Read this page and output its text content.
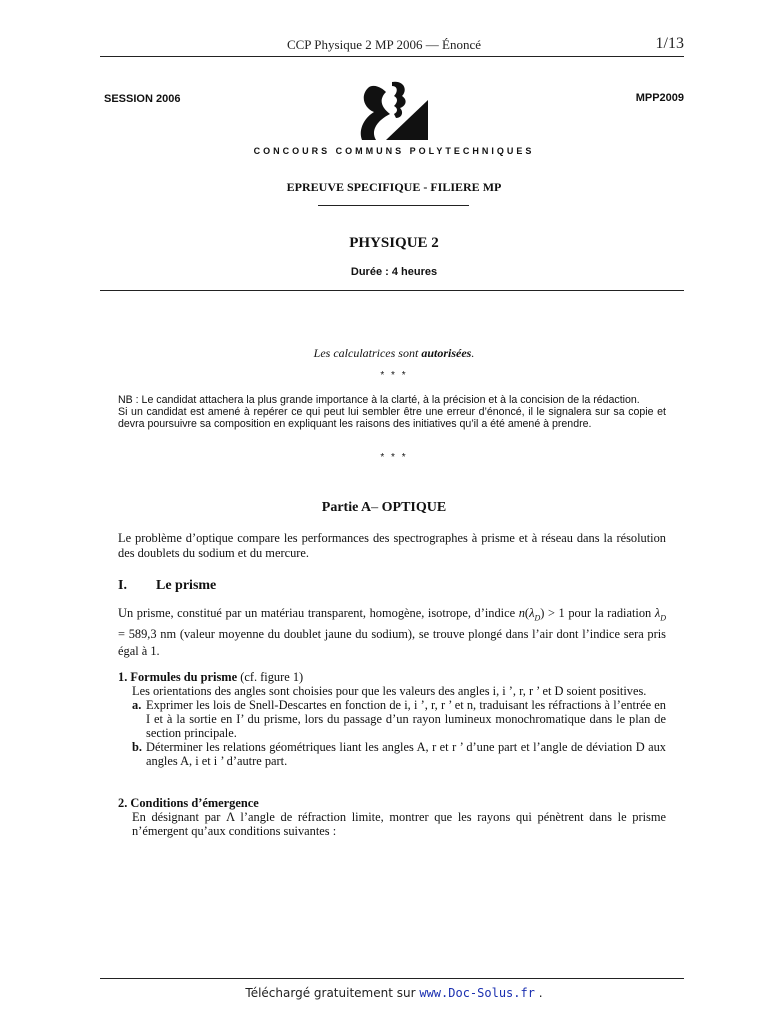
CCP Physique 2 MP 2006 — Énoncé	1/13
SESSION 2006	MPP2009
CONCOURS COMMUNS POLYTECHNIQUES
EPREUVE SPECIFIQUE - FILIERE MP
PHYSIQUE 2
Durée : 4 heures
Les calculatrices sont autorisées.
* * *
NB : Le candidat attachera la plus grande importance à la clarté, à la précision et à la concision de la rédaction.
Si un candidat est amené à repérer ce qui peut lui sembler être une erreur d’énoncé, il le signalera sur sa copie et devra poursuivre sa composition en expliquant les raisons des initiatives qu’il a été amené à prendre.
* * *
Partie A– OPTIQUE
Le problème d’optique compare les performances des spectrographes à prisme et à réseau dans la résolution des doublets du sodium et du mercure.
I. Le prisme
Un prisme, constitué par un matériau transparent, homogène, isotrope, d’indice $n(\lambda_D) > 1$ pour la radiation $\lambda_D = 589,3$ nm (valeur moyenne du doublet jaune du sodium), se trouve plongé dans l’air dont l’indice sera pris égal à 1.
1. Formules du prisme (cf. figure 1)
Les orientations des angles sont choisies pour que les valeurs des angles i, i ’, r, r ’ et D soient positives.
a. Exprimer les lois de Snell-Descartes en fonction de i, i ’, r, r ’ et n, traduisant les réfractions à l’entrée en I et à la sortie en I’ du prisme, lors du passage d’un rayon lumineux monochromatique dans le plan de section principale.
b. Déterminer les relations géométriques liant les angles A, r et r ’ d’une part et l’angle de déviation D aux angles A, i et i ’ d’autre part.
2. Conditions d’émergence
En désignant par Λ l’angle de réfraction limite, montrer que les rayons qui pénètrent dans le prisme n’émergent qu’aux conditions suivantes :
Téléchargé gratuitement sur www.Doc-Solus.fr .
